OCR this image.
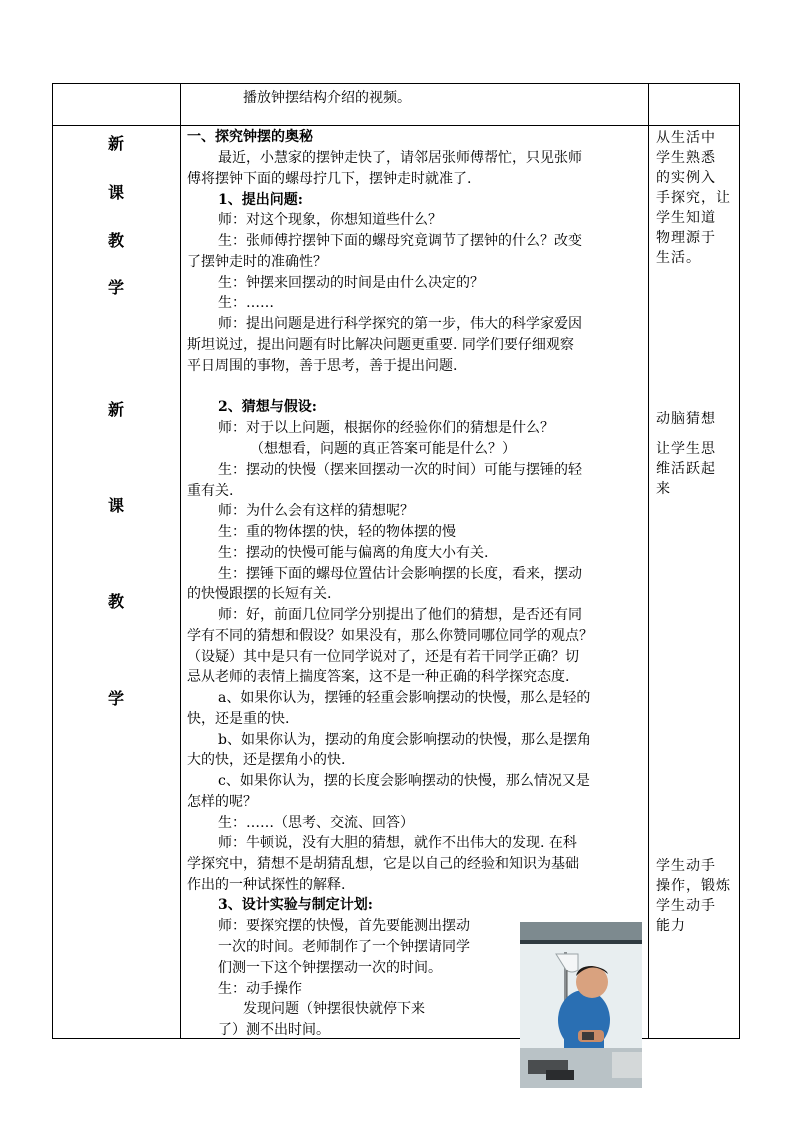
播放钟摆结构介绍的视频。
新
课
教
学
新
课
教
学
一、探究钟摆的奥秘
最近，小慧家的摆钟走快了，请邻居张师傅帮忙，只见张师
傅将摆钟下面的螺母拧几下，摆钟走时就准了.
1、提出问题:
师：对这个现象，你想知道些什么？
生：张师傅拧摆钟下面的螺母究竟调节了摆钟的什么？改变
了摆钟走时的准确性？
生：钟摆来回摆动的时间是由什么决定的？
生：……
师：提出问题是进行科学探究的第一步，伟大的科学家爱因
斯坦说过，提出问题有时比解决问题更重要. 同学们要仔细观察
平日周围的事物，善于思考，善于提出问题.
2、猜想与假设:
师：对于以上问题，根据你的经验你们的猜想是什么？
（想想看，问题的真正答案可能是什么？）
生：摆动的快慢（摆来回摆动一次的时间）可能与摆锤的轻
重有关.
师：为什么会有这样的猜想呢？
生：重的物体摆的快，轻的物体摆的慢
生：摆动的快慢可能与偏离的角度大小有关.
生：摆锤下面的螺母位置估计会影响摆的长度，看来，摆动
的快慢跟摆的长短有关.
师：好，前面几位同学分别提出了他们的猜想，是否还有同
学有不同的猜想和假设？如果没有，那么你赞同哪位同学的观点？
（设疑）其中是只有一位同学说对了，还是有若干同学正确？切
忌从老师的表情上揣度答案，这不是一种正确的科学探究态度.
a、如果你认为，摆锤的轻重会影响摆动的快慢，那么是轻的
快，还是重的快.
b、如果你认为，摆动的角度会影响摆动的快慢，那么是摆角
大的快，还是摆角小的快.
c、如果你认为，摆的长度会影响摆动的快慢，那么情况又是
怎样的呢？
生：……（思考、交流、回答）
师：牛顿说，没有大胆的猜想，就作不出伟大的发现. 在科
学探究中，猜想不是胡猜乱想，它是以自己的经验和知识为基础
作出的一种试探性的解释.
3、设计实验与制定计划:
师：要探究摆的快慢，首先要能测出摆动
一次的时间。老师制作了一个钟摆请同学
们测一下这个钟摆摆动一次的时间。
生：动手操作
发现问题（钟摆很快就停下来
了）测不出时间。
从生活中
学生熟悉
的实例入
手探究，让
学生知道
物理源于
生活。
动脑猜想
让学生思
维活跃起
来
学生动手
操作，锻炼
学生动手
能力
